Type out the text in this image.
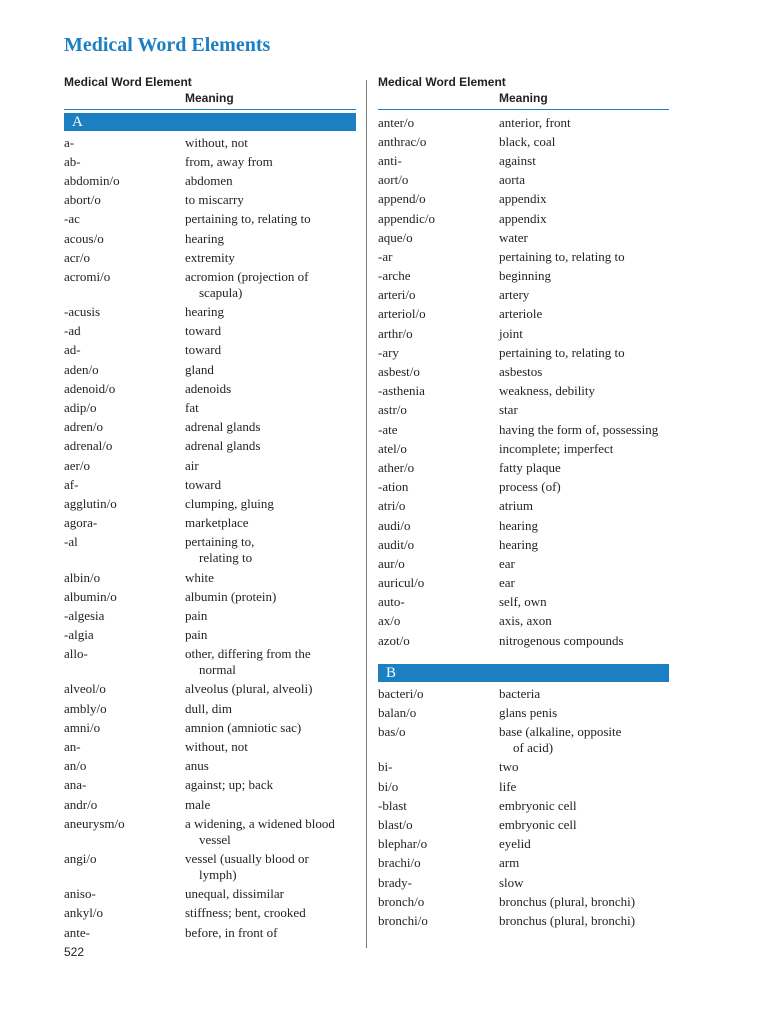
Medical Word Elements
Medical Word Element
Meaning
A
a-	without, not
ab-	from, away from
abdomin/o	abdomen
abort/o	to miscarry
-ac	pertaining to, relating to
acous/o	hearing
acr/o	extremity
acromi/o	acromion (projection of
scapula)
-acusis	hearing
-ad	toward
ad-	toward
aden/o	gland
adenoid/o	adenoids
adip/o	fat
adren/o	adrenal glands
adrenal/o	adrenal glands
aer/o	air
af-	toward
agglutin/o	clumping, gluing
agora-	marketplace
-al	pertaining to,
relating to
albin/o	white
albumin/o	albumin (protein)
-algesia	pain
-algia	pain
allo-	other, differing from the
normal
alveol/o	alveolus (plural, alveoli)
ambly/o	dull, dim
amni/o	amnion (amniotic sac)
an-	without, not
an/o	anus
ana-	against; up; back
andr/o	male
aneurysm/o	a widening, a widened blood
vessel
angi/o	vessel (usually blood or
lymph)
aniso-	unequal, dissimilar
ankyl/o	stiffness; bent, crooked
ante-	before, in front of
Medical Word Element
Meaning
anter/o	anterior, front
anthrac/o	black, coal
anti-	against
aort/o	aorta
append/o	appendix
appendic/o	appendix
aque/o	water
-ar	pertaining to, relating to
-arche	beginning
arteri/o	artery
arteriol/o	arteriole
arthr/o	joint
-ary	pertaining to, relating to
asbest/o	asbestos
-asthenia	weakness, debility
astr/o	star
-ate	having the form of, possessing
atel/o	incomplete; imperfect
ather/o	fatty plaque
-ation	process (of)
atri/o	atrium
audi/o	hearing
audit/o	hearing
aur/o	ear
auricul/o	ear
auto-	self, own
ax/o	axis, axon
azot/o	nitrogenous compounds
B
bacteri/o	bacteria
balan/o	glans penis
bas/o	base (alkaline, opposite
of acid)
bi-	two
bi/o	life
-blast	embryonic cell
blast/o	embryonic cell
blephar/o	eyelid
brachi/o	arm
brady-	slow
bronch/o	bronchus (plural, bronchi)
bronchi/o	bronchus (plural, bronchi)
522
